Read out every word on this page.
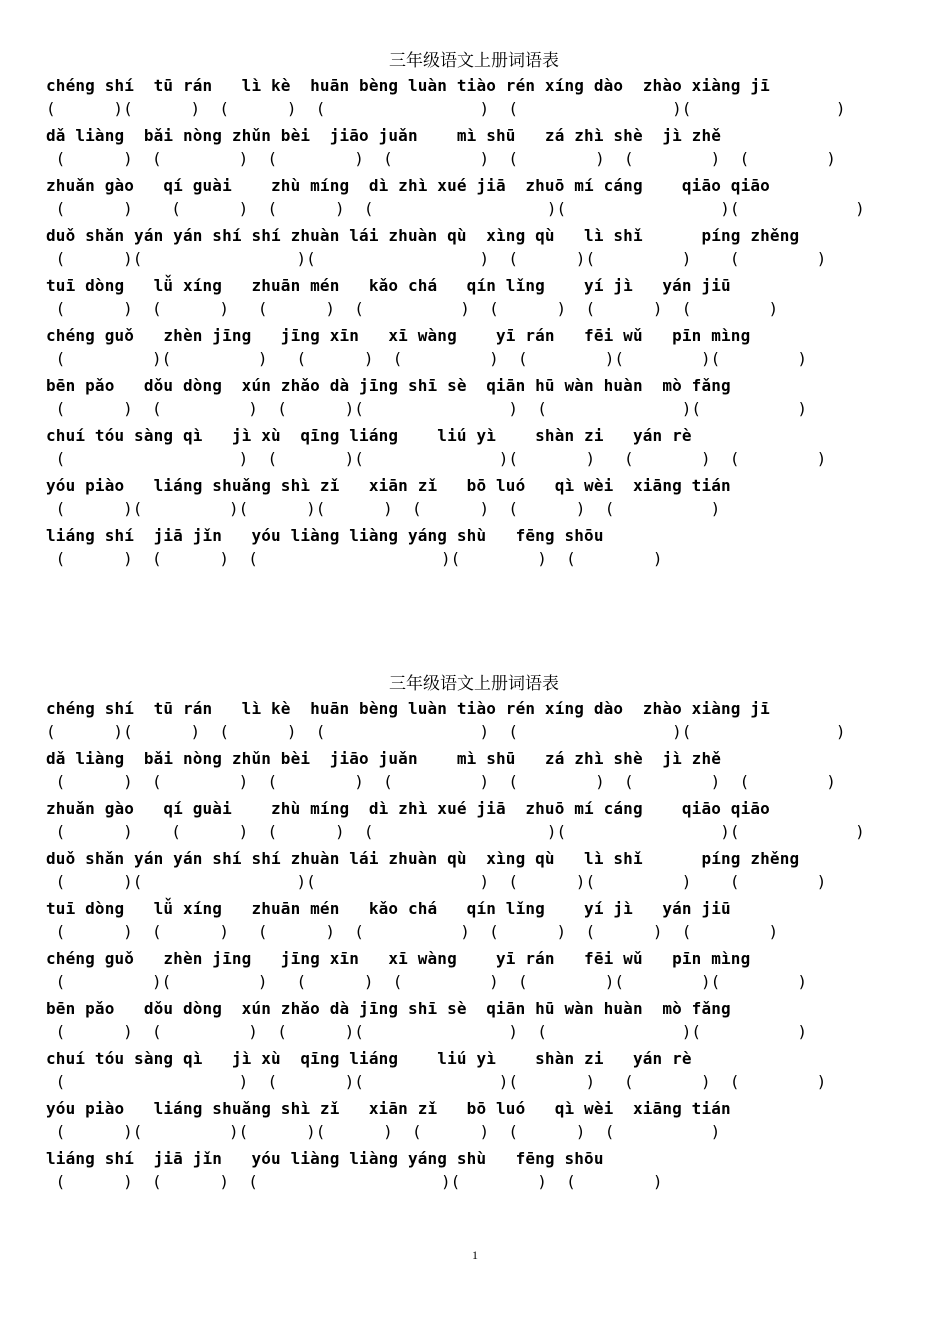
三年级语文上册词语表
chéng shí  tū rán   lì kè  huān bèng luàn tiào rén xíng dào  zhào xiàng jī
(      )(      )  (      )  (                )  (                )(               )
dǎ liàng  bǎi nòng zhǔn bèi  jiāo juǎn    mì shū   zá zhì shè  jì zhě
(      )  (        )  (        )  (         )  (        )  (        )  (        )
zhuǎn gào   qí guài    zhù míng  dì zhì xué jiā  zhuō mí cáng    qiāo qiāo
(      )    (      )  (      )  (                  )(                )(            )
duǒ shǎn yán yán shí shí zhuàn lái zhuàn qù  xìng qù   lì shǐ      píng zhěng
(      )(                )(                 )  (      )(         )    (        )
tuī dòng   lǚ xíng   zhuān mén   kǎo chá   qín lǐng    yí jì   yán jiū
(      )  (      )   (      )  (          )  (      )  (      )  (        )
chéng guǒ   zhèn jīng   jīng xīn   xī wàng    yī rán   fēi wǔ   pīn mìng
(         )(         )   (      )  (         )  (        )(        )(        )
bēn pǎo   dǒu dòng  xún zhǎo dà jīng shī sè  qiān hū wàn huàn  mò fǎng
(      )  (         )  (      )(               )  (              )(          )
chuí tóu sàng qì   jì xù  qīng liáng    liú yì    shàn zi   yán rè
(                  )  (       )(              )(       )   (       )  (        )
yóu piào   liáng shuǎng shì zǐ   xiān zǐ   bō luó   qì wèi  xiāng tián
(      )(         )(      )(      )  (      )  (      )  (          )
liáng shí  jiā jǐn   yóu liàng liàng yáng shù   fēng shōu
(      )  (      )  (                   )(        )  (        )
三年级语文上册词语表
chéng shí  tū rán   lì kè  huān bèng luàn tiào rén xíng dào  zhào xiàng jī
(      )(      )  (      )  (                )  (                )(               )
dǎ liàng  bǎi nòng zhǔn bèi  jiāo juǎn    mì shū   zá zhì shè  jì zhě
(      )  (        )  (        )  (         )  (        )  (        )  (        )
zhuǎn gào   qí guài    zhù míng  dì zhì xué jiā  zhuō mí cáng    qiāo qiāo
(      )    (      )  (      )  (                  )(                )(            )
duǒ shǎn yán yán shí shí zhuàn lái zhuàn qù  xìng qù   lì shǐ      píng zhěng
(      )(                )(                 )  (      )(         )    (        )
tuī dòng   lǚ xíng   zhuān mén   kǎo chá   qín lǐng    yí jì   yán jiū
(      )  (      )   (      )  (          )  (      )  (      )  (        )
chéng guǒ   zhèn jīng   jīng xīn   xī wàng    yī rán   fēi wǔ   pīn mìng
(         )(         )   (      )  (         )  (        )(        )(        )
bēn pǎo   dǒu dòng  xún zhǎo dà jīng shī sè  qiān hū wàn huàn  mò fǎng
(      )  (         )  (      )(               )  (              )(          )
chuí tóu sàng qì   jì xù  qīng liáng    liú yì    shàn zi   yán rè
(                  )  (       )(              )(       )   (       )  (        )
yóu piào   liáng shuǎng shì zǐ   xiān zǐ   bō luó   qì wèi  xiāng tián
(      )(         )(      )(      )  (      )  (      )  (          )
liáng shí  jiā jǐn   yóu liàng liàng yáng shù   fēng shōu
(      )  (      )  (                   )(        )  (        )
1
